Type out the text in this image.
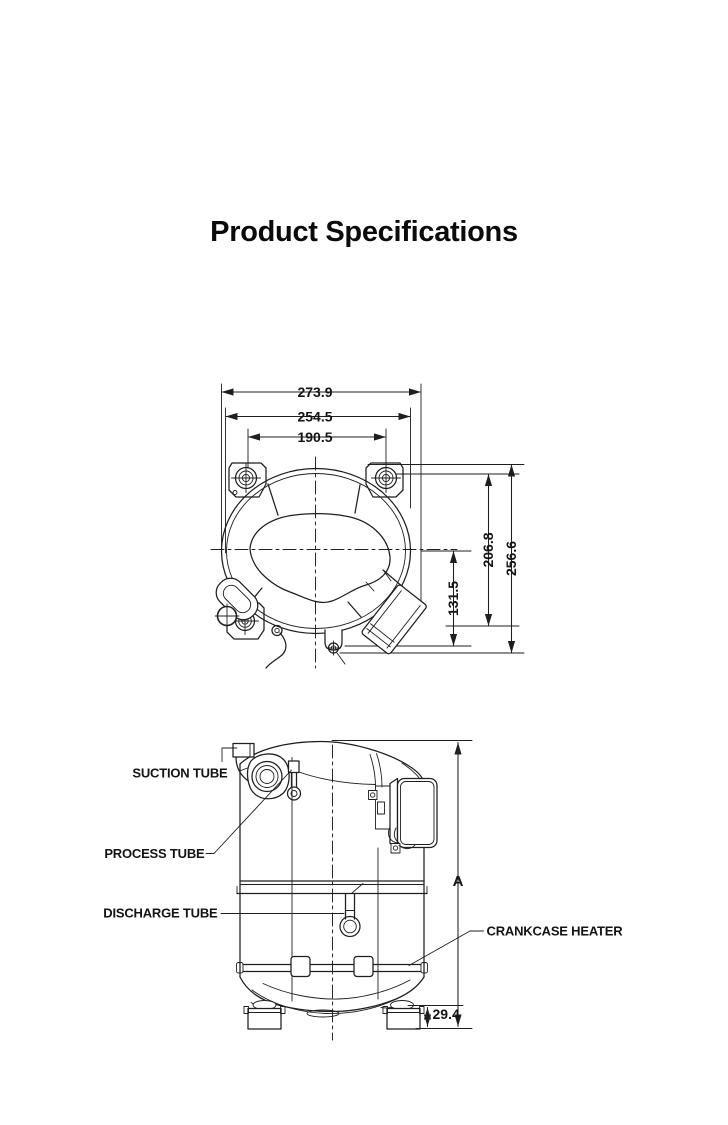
Product Specifications
273.9
254.5
190.5
256.6
206.8
131.5
A
29.4
SUCTION TUBE
PROCESS TUBE
DISCHARGE TUBE
CRANKCASE HEATER
